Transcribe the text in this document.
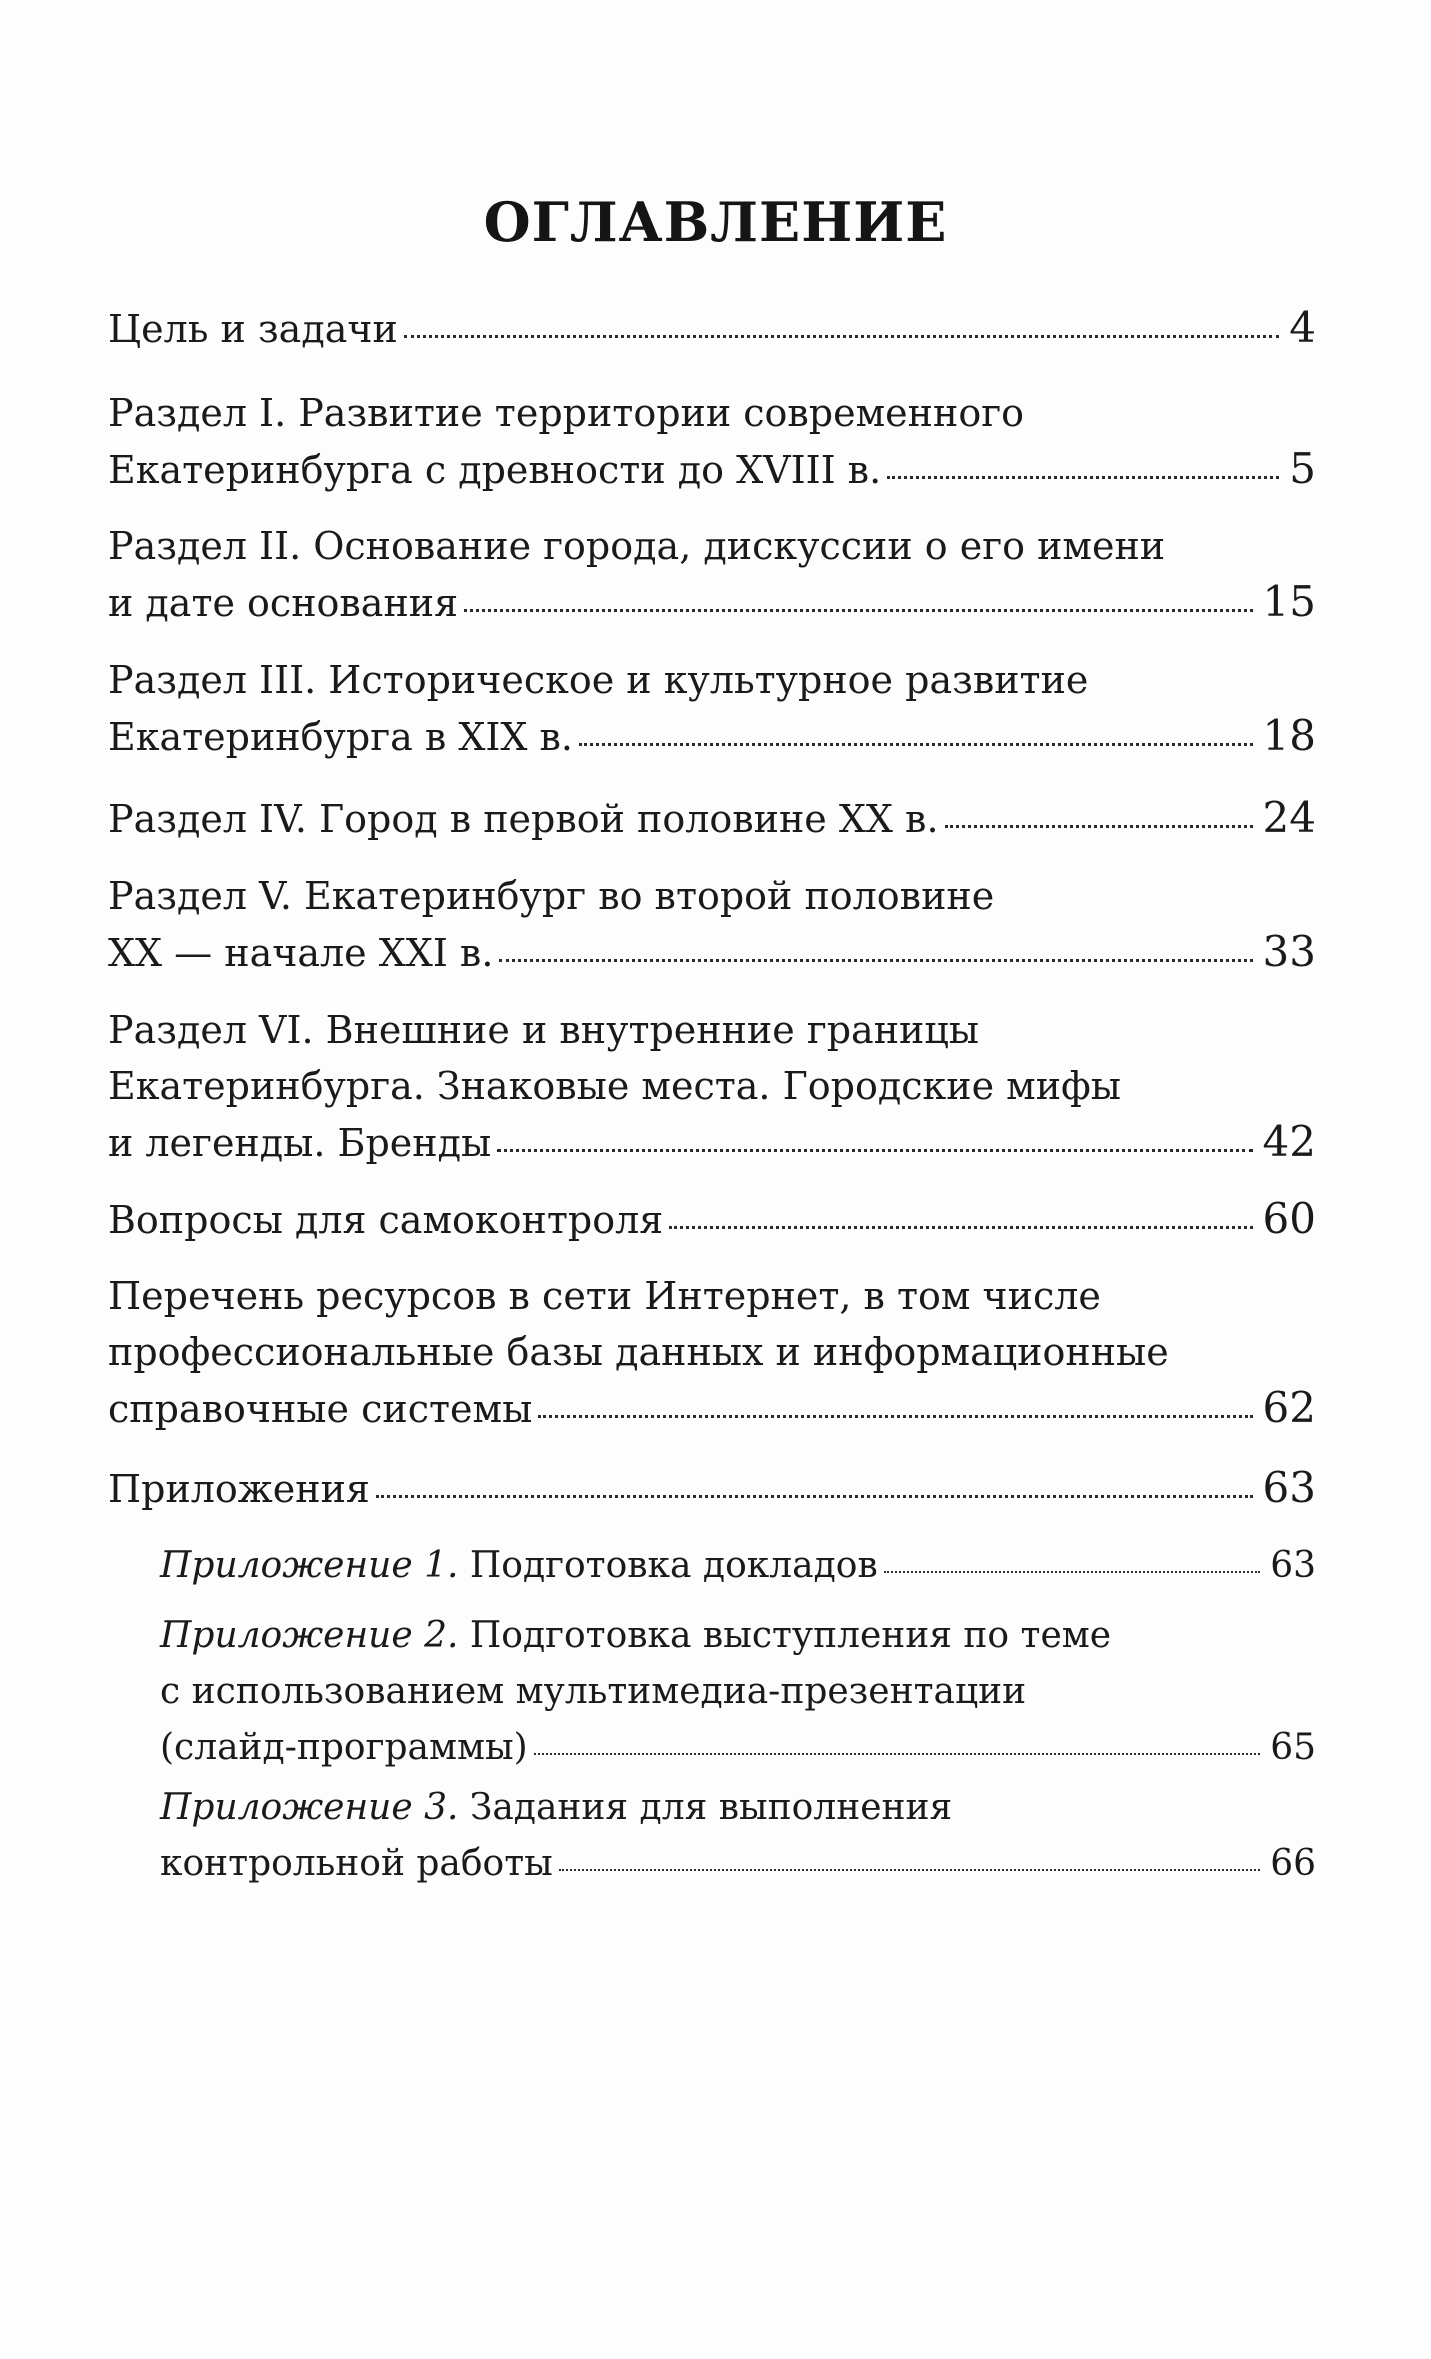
ОГЛАВЛЕНИЕ
Цель и задачи	4
Раздел I. Развитие территории современного
Екатеринбурга с древности до XVIII в.	5
Раздел II. Основание города, дискуссии о его имени
и дате основания	15
Раздел III. Историческое и культурное развитие
Екатеринбурга в XIX в.	18
Раздел IV. Город в первой половине XX в.	24
Раздел V. Екатеринбург во второй половине
XX — начале XXI в.	33
Раздел VI. Внешние и внутренние границы
Екатеринбурга. Знаковые места. Городские мифы
и легенды. Бренды	42
Вопросы для самоконтроля	60
Перечень ресурсов в сети Интернет, в том числе
профессиональные базы данных и информационные
справочные системы	62
Приложения	63
Приложение 1. Подготовка докладов	63
Приложение 2. Подготовка выступления по теме
с использованием мультимедиа-презентации
(слайд-программы)	65
Приложение 3. Задания для выполнения
контрольной работы	66
